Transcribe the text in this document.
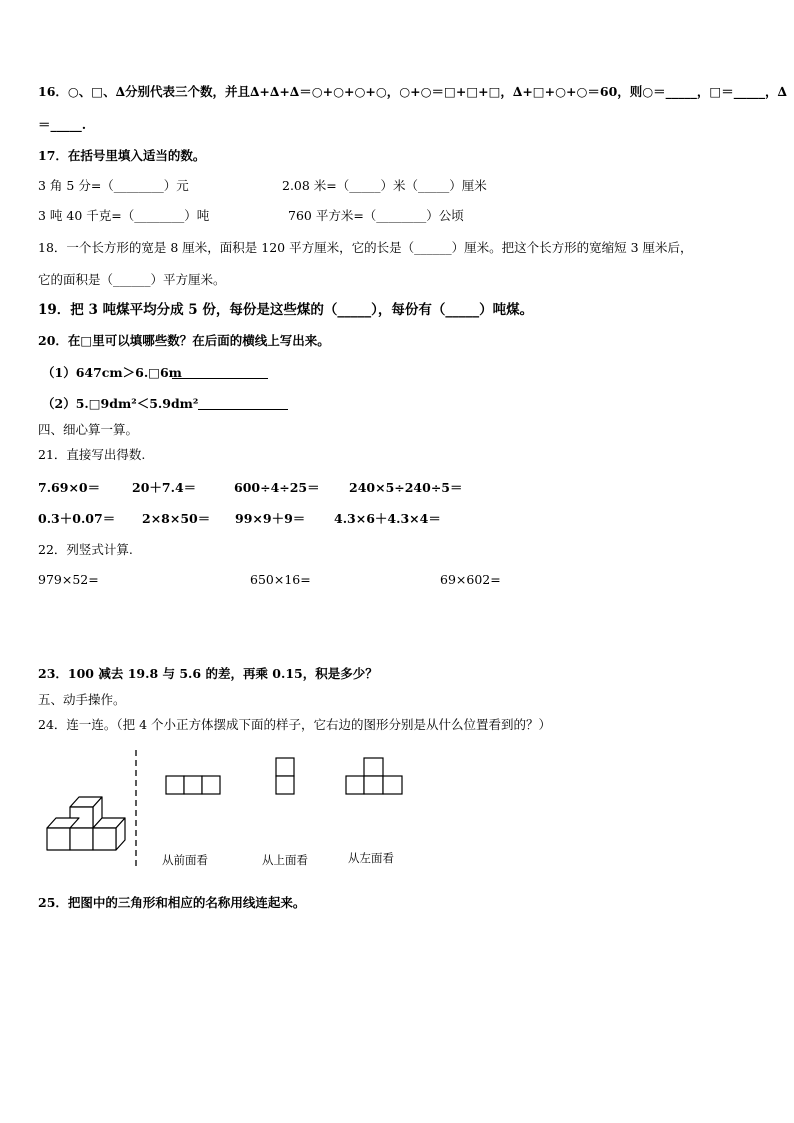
16．○、□、∆分别代表三个数，并且∆+∆+∆＝○+○+○+○，○+○＝□+□+□，∆+□+○+○＝60，则○＝_____，□＝_____，∆
＝_____.
17．在括号里填入适当的数。
3 角 5 分=（________）元	2.08 米=（_____）米（_____）厘米
3 吨 40 千克=（________）吨	760 平方米=（________）公顷
18．一个长方形的宽是 8 厘米，面积是 120 平方厘米，它的长是（______）厘米。把这个长方形的宽缩短 3 厘米后，
它的面积是（______）平方厘米。
19．把 3 吨煤平均分成 5 份，每份是这些煤的（_____），每份有（_____）吨煤。
20．在□里可以填哪些数？在后面的横线上写出来。
（1）647cm＞6.□6m
（2）5.□9dm²＜5.9dm²
四、细心算一算。
21．直接写出得数.
7.69×0＝	20＋7.4＝	600÷4÷25＝ 240×5÷240÷5＝
0.3＋0.07＝ 2×8×50＝ 99×9＋9＝ 4.3×6＋4.3×4＝
22．列竖式计算.
979×52=	650×16=	69×602=
23．100 减去 19.8 与 5.6 的差，再乘 0.15，积是多少？
五、动手操作。
24．连一连。（把 4 个小正方体摆成下面的样子，它右边的图形分别是从什么位置看到的？）
从前面看	从上面看	从左面看
25．把图中的三角形和相应的名称用线连起来。
